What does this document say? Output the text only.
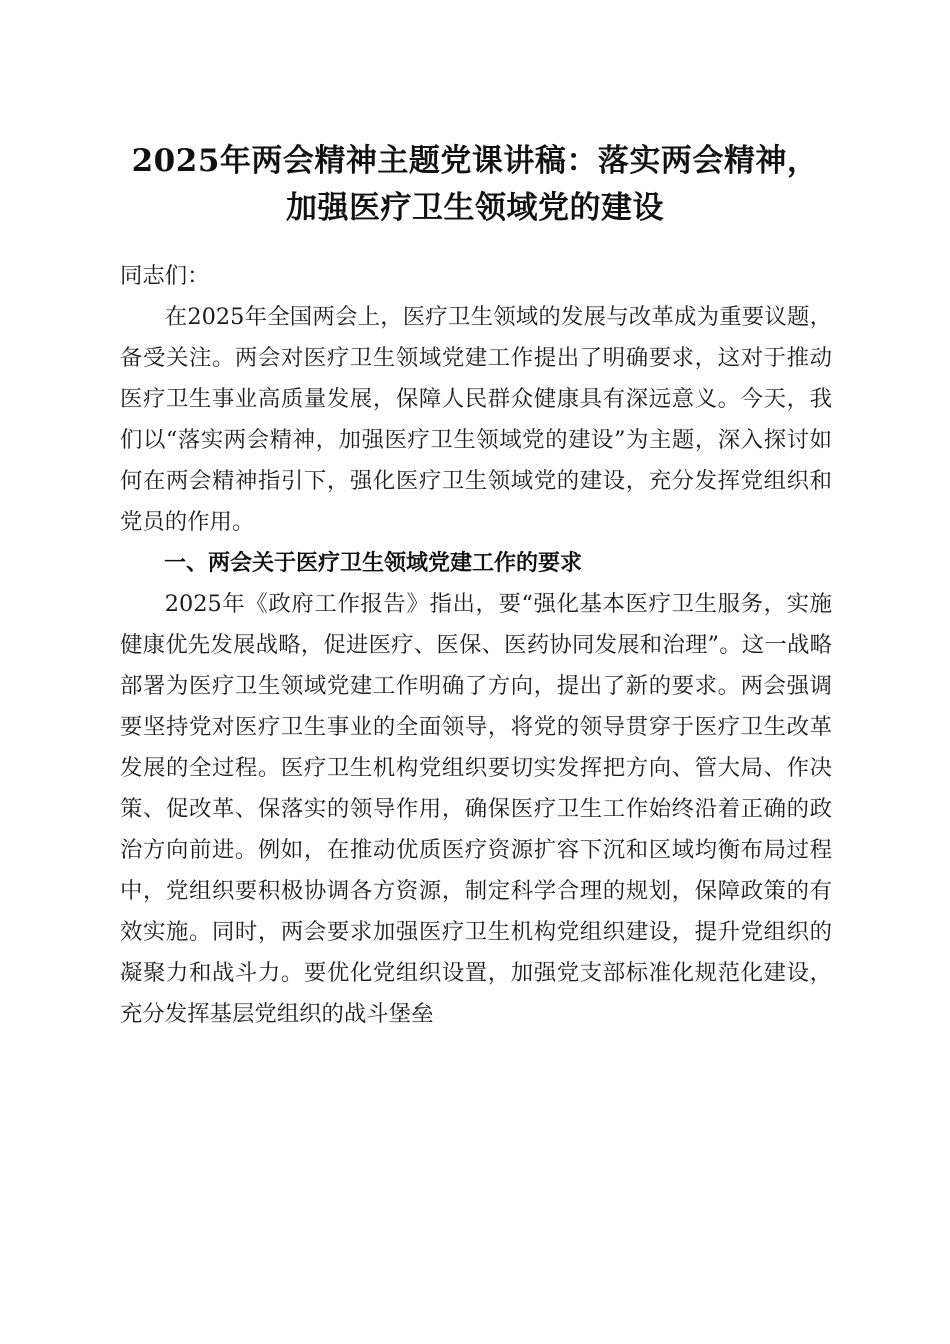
2025年两会精神主题党课讲稿：落实两会精神，加强医疗卫生领域党的建设

同志们：

在2025年全国两会上，医疗卫生领域的发展与改革成为重要议题，备受关注。两会对医疗卫生领域党建工作提出了明确要求，这对于推动医疗卫生事业高质量发展，保障人民群众健康具有深远意义。今天，我们以“落实两会精神，加强医疗卫生领域党的建设”为主题，深入探讨如何在两会精神指引下，强化医疗卫生领域党的建设，充分发挥党组织和党员的作用。

一、两会关于医疗卫生领域党建工作的要求

2025年《政府工作报告》指出，要“强化基本医疗卫生服务，实施健康优先发展战略，促进医疗、医保、医药协同发展和治理”。这一战略部署为医疗卫生领域党建工作明确了方向，提出了新的要求。两会强调要坚持党对医疗卫生事业的全面领导，将党的领导贯穿于医疗卫生改革发展的全过程。医疗卫生机构党组织要切实发挥把方向、管大局、作决策、促改革、保落实的领导作用，确保医疗卫生工作始终沿着正确的政治方向前进。例如，在推动优质医疗资源扩容下沉和区域均衡布局过程中，党组织要积极协调各方资源，制定科学合理的规划，保障政策的有效实施。同时，两会要求加强医疗卫生机构党组织建设，提升党组织的凝聚力和战斗力。要优化党组织设置，加强党支部标准化规范化建设，充分发挥基层党组织的战斗堡垒
